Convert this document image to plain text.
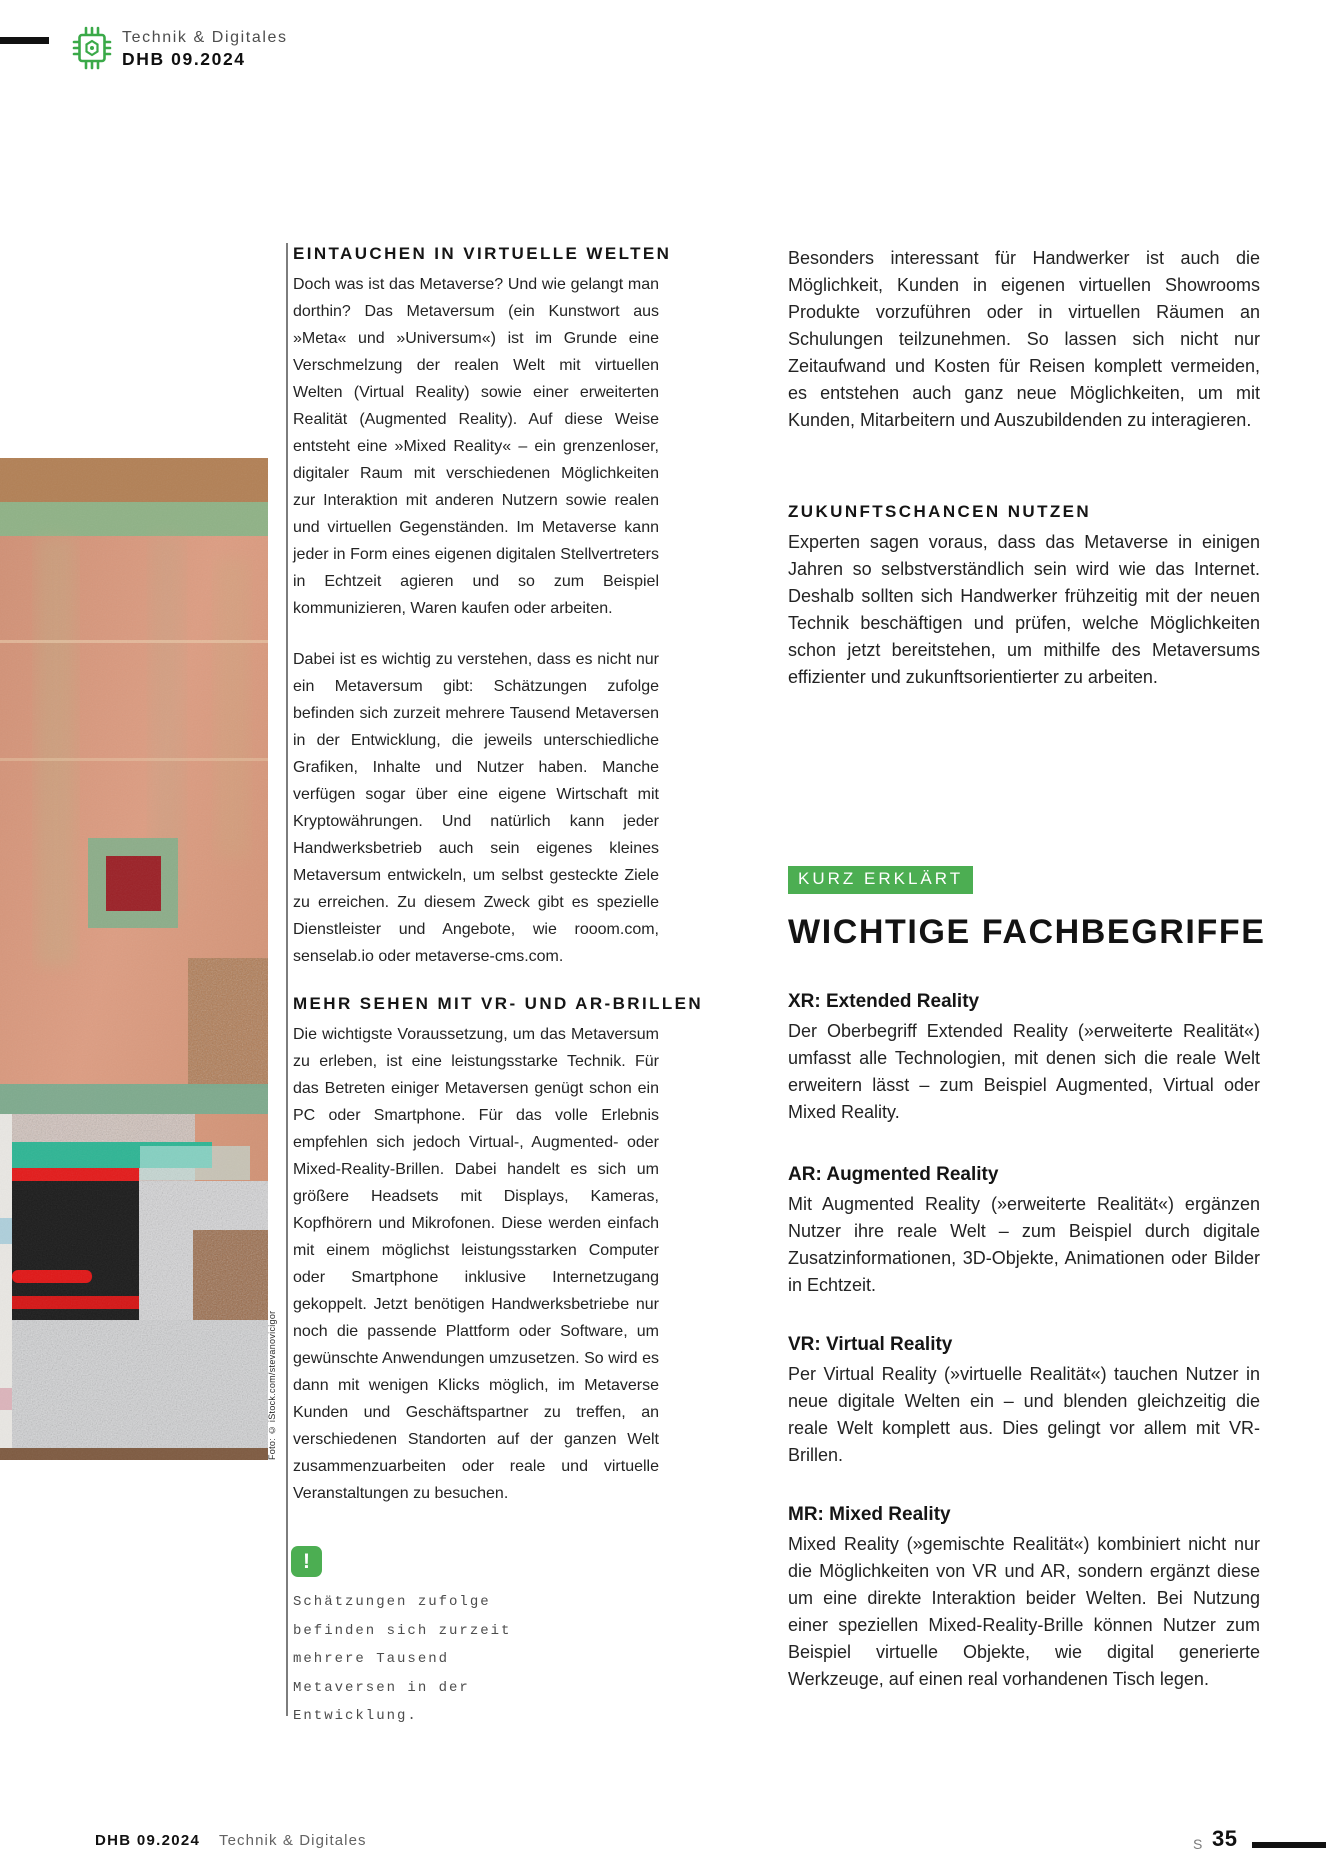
Technik & Digitales
DHB 09.2024
Foto: © iStock.com/stevanovicigor
EINTAUCHEN IN VIRTUELLE WELTEN
Doch was ist das Metaverse? Und wie gelangt man dorthin? Das Metaversum (ein Kunstwort aus »Meta« und »Universum«) ist im Grunde eine Verschmelzung der realen Welt mit virtuellen Welten (Virtual Reality) sowie einer erweiterten Realität (Augmented Reality). Auf diese Weise entsteht eine »Mixed Reality« – ein grenzenloser, digitaler Raum mit verschiedenen Möglichkeiten zur Interaktion mit anderen Nutzern sowie realen und virtuellen Gegenständen. Im Metaverse kann jeder in Form eines eigenen digitalen Stellvertreters in Echtzeit agieren und so zum Beispiel kommunizieren, Waren kaufen oder arbeiten.
Dabei ist es wichtig zu verstehen, dass es nicht nur ein Metaversum gibt: Schätzungen zufolge befinden sich zurzeit mehrere Tausend Metaversen in der Entwicklung, die jeweils unterschiedliche Grafiken, Inhalte und Nutzer haben. Manche verfügen sogar über eine eigene Wirtschaft mit Kryptowährungen. Und natürlich kann jeder Handwerksbetrieb auch sein eigenes kleines Metaversum entwickeln, um selbst gesteckte Ziele zu erreichen. Zu diesem Zweck gibt es spezielle Dienstleister und Angebote, wie rooom.com, senselab.io oder metaverse-cms.com.
MEHR SEHEN MIT VR- UND AR-BRILLEN
Die wichtigste Voraussetzung, um das Metaversum zu erleben, ist eine leistungsstarke Technik. Für das Betreten einiger Metaversen genügt schon ein PC oder Smartphone. Für das volle Erlebnis empfehlen sich jedoch Virtual-, Augmented- oder Mixed-Reality-Brillen. Dabei handelt es sich um größere Headsets mit Displays, Kameras, Kopfhörern und Mikrofonen. Diese werden einfach mit einem möglichst leistungsstarken Computer oder Smartphone inklusive Internetzugang gekoppelt. Jetzt benötigen Handwerksbetriebe nur noch die passende Plattform oder Software, um gewünschte Anwendungen umzusetzen. So wird es dann mit wenigen Klicks möglich, im Metaverse Kunden und Geschäftspartner zu treffen, an verschiedenen Standorten auf der ganzen Welt zusammenzuarbeiten oder reale und virtuelle Veranstaltungen zu besuchen.
!
Schätzungen zufolge befinden sich zurzeit mehrere Tausend Metaversen in der Entwicklung.
Besonders interessant für Handwerker ist auch die Möglichkeit, Kunden in eigenen virtuellen Showrooms Produkte vorzuführen oder in virtuellen Räumen an Schulungen teilzunehmen. So lassen sich nicht nur Zeitaufwand und Kosten für Reisen komplett vermeiden, es entstehen auch ganz neue Möglichkeiten, um mit Kunden, Mitarbeitern und Auszubildenden zu interagieren.
ZUKUNFTSCHANCEN NUTZEN
Experten sagen voraus, dass das Metaverse in einigen Jahren so selbstverständlich sein wird wie das Internet. Deshalb sollten sich Handwerker frühzeitig mit der neuen Technik beschäftigen und prüfen, welche Möglichkeiten schon jetzt bereitstehen, um mithilfe des Metaversums effizienter und zukunftsorientierter zu arbeiten.
KURZ ERKLÄRT
WICHTIGE FACHBEGRIFFE
XR: Extended Reality
Der Oberbegriff Extended Reality (»erweiterte Realität«) umfasst alle Technologien, mit denen sich die reale Welt erweitern lässt – zum Beispiel Augmented, Virtual oder Mixed Reality.
AR: Augmented Reality
Mit Augmented Reality (»erweiterte Realität«) ergänzen Nutzer ihre reale Welt – zum Beispiel durch digitale Zusatzinformationen, 3D-Objekte, Animationen oder Bilder in Echtzeit.
VR: Virtual Reality
Per Virtual Reality (»virtuelle Realität«) tauchen Nutzer in neue digitale Welten ein – und blenden gleichzeitig die reale Welt komplett aus. Dies gelingt vor allem mit VR-Brillen.
MR: Mixed Reality
Mixed Reality (»gemischte Realität«) kombiniert nicht nur die Möglichkeiten von VR und AR, sondern ergänzt diese um eine direkte Interaktion beider Welten. Bei Nutzung einer speziellen Mixed-Reality-Brille können Nutzer zum Beispiel virtuelle Objekte, wie digital generierte Werkzeuge, auf einen real vorhandenen Tisch legen.
DHB 09.2024 Technik & Digitales	S 35
